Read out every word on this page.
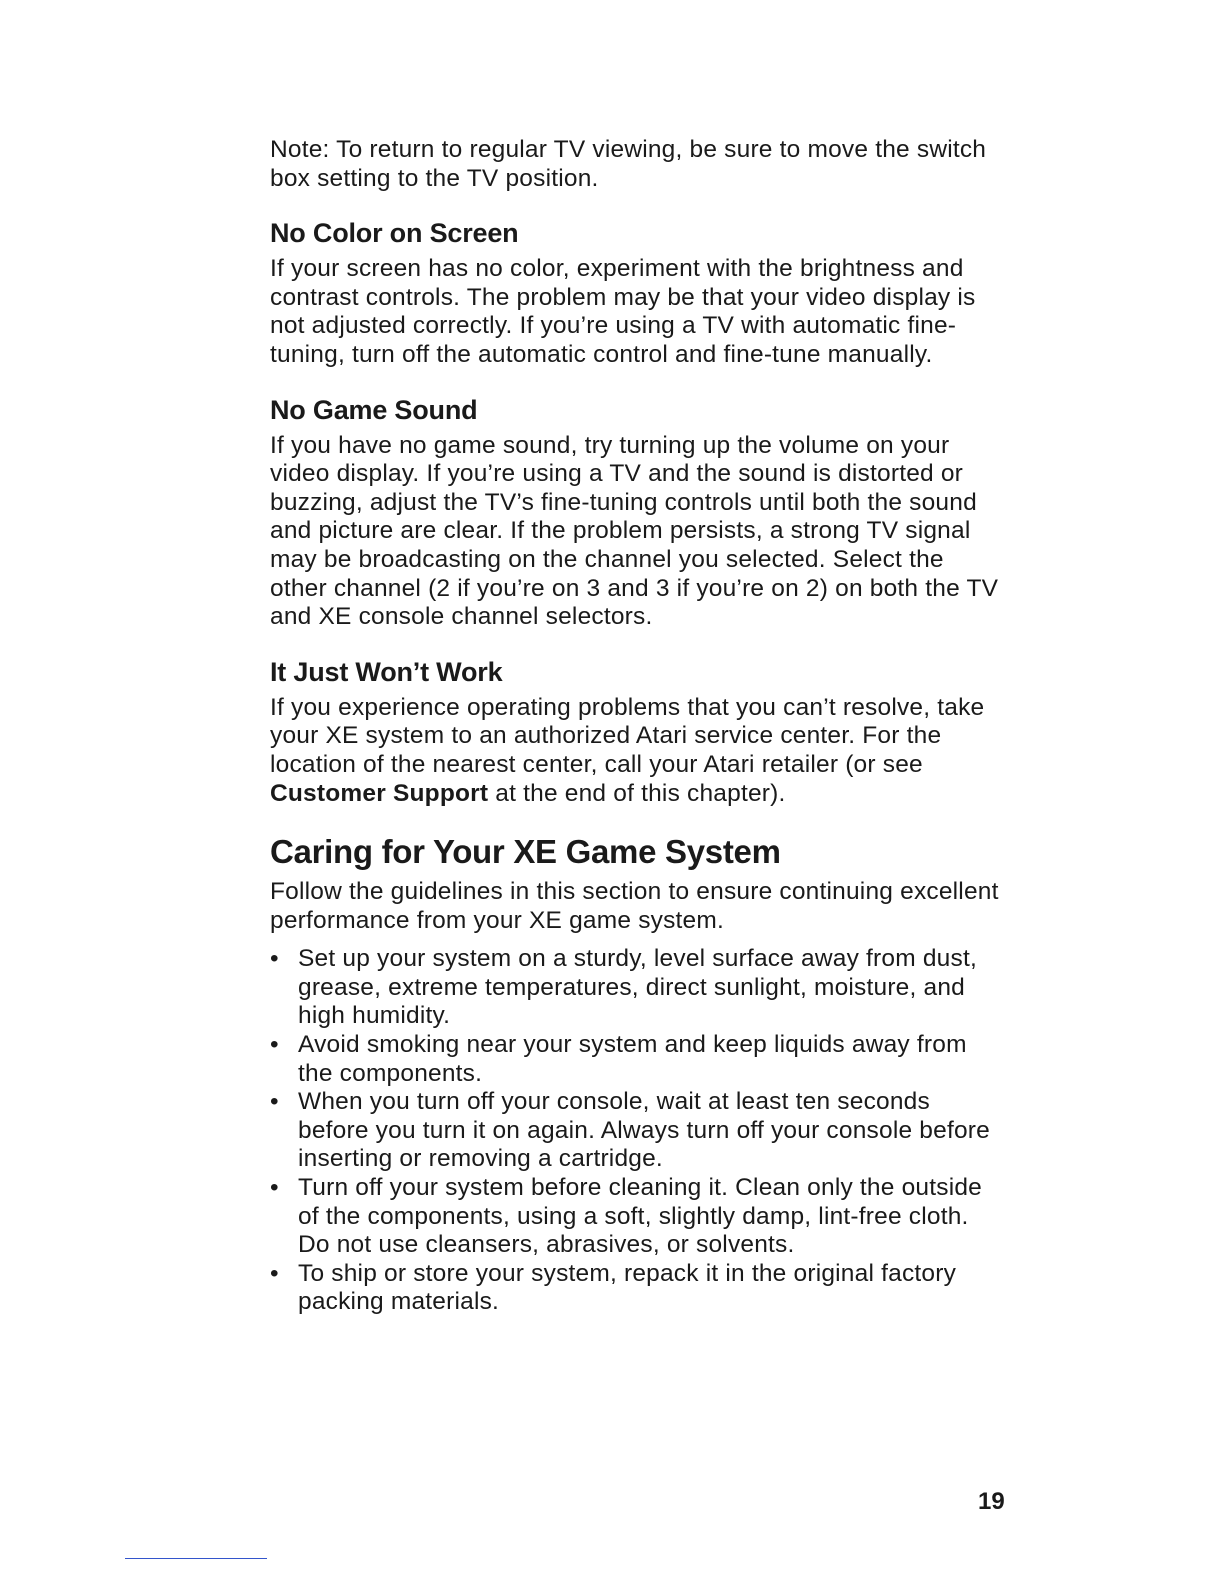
Note: To return to regular TV viewing, be sure to move the switch box setting to the TV position.

No Color on Screen

If your screen has no color, experiment with the brightness and contrast controls. The problem may be that your video display is not adjusted correctly. If you’re using a TV with automatic fine-tuning, turn off the automatic control and fine-tune manually.

No Game Sound

If you have no game sound, try turning up the volume on your video display. If you’re using a TV and the sound is distorted or buzzing, adjust the TV’s fine-tuning controls until both the sound and picture are clear. If the problem persists, a strong TV signal may be broadcasting on the channel you selected. Select the other channel (2 if you’re on 3 and 3 if you’re on 2) on both the TV and XE console channel selectors.

It Just Won’t Work

If you experience operating problems that you can’t resolve, take your XE system to an authorized Atari service center. For the location of the nearest center, call your Atari retailer (or see Customer Support at the end of this chapter).

Caring for Your XE Game System

Follow the guidelines in this section to ensure continuing excellent performance from your XE game system.

• Set up your system on a sturdy, level surface away from dust, grease, extreme temperatures, direct sunlight, moisture, and high humidity.
• Avoid smoking near your system and keep liquids away from the components.
• When you turn off your console, wait at least ten seconds before you turn it on again. Always turn off your console before inserting or removing a cartridge.
• Turn off your system before cleaning it. Clean only the outside of the components, using a soft, slightly damp, lint-free cloth. Do not use cleansers, abrasives, or solvents.
• To ship or store your system, repack it in the original factory packing materials.
19
